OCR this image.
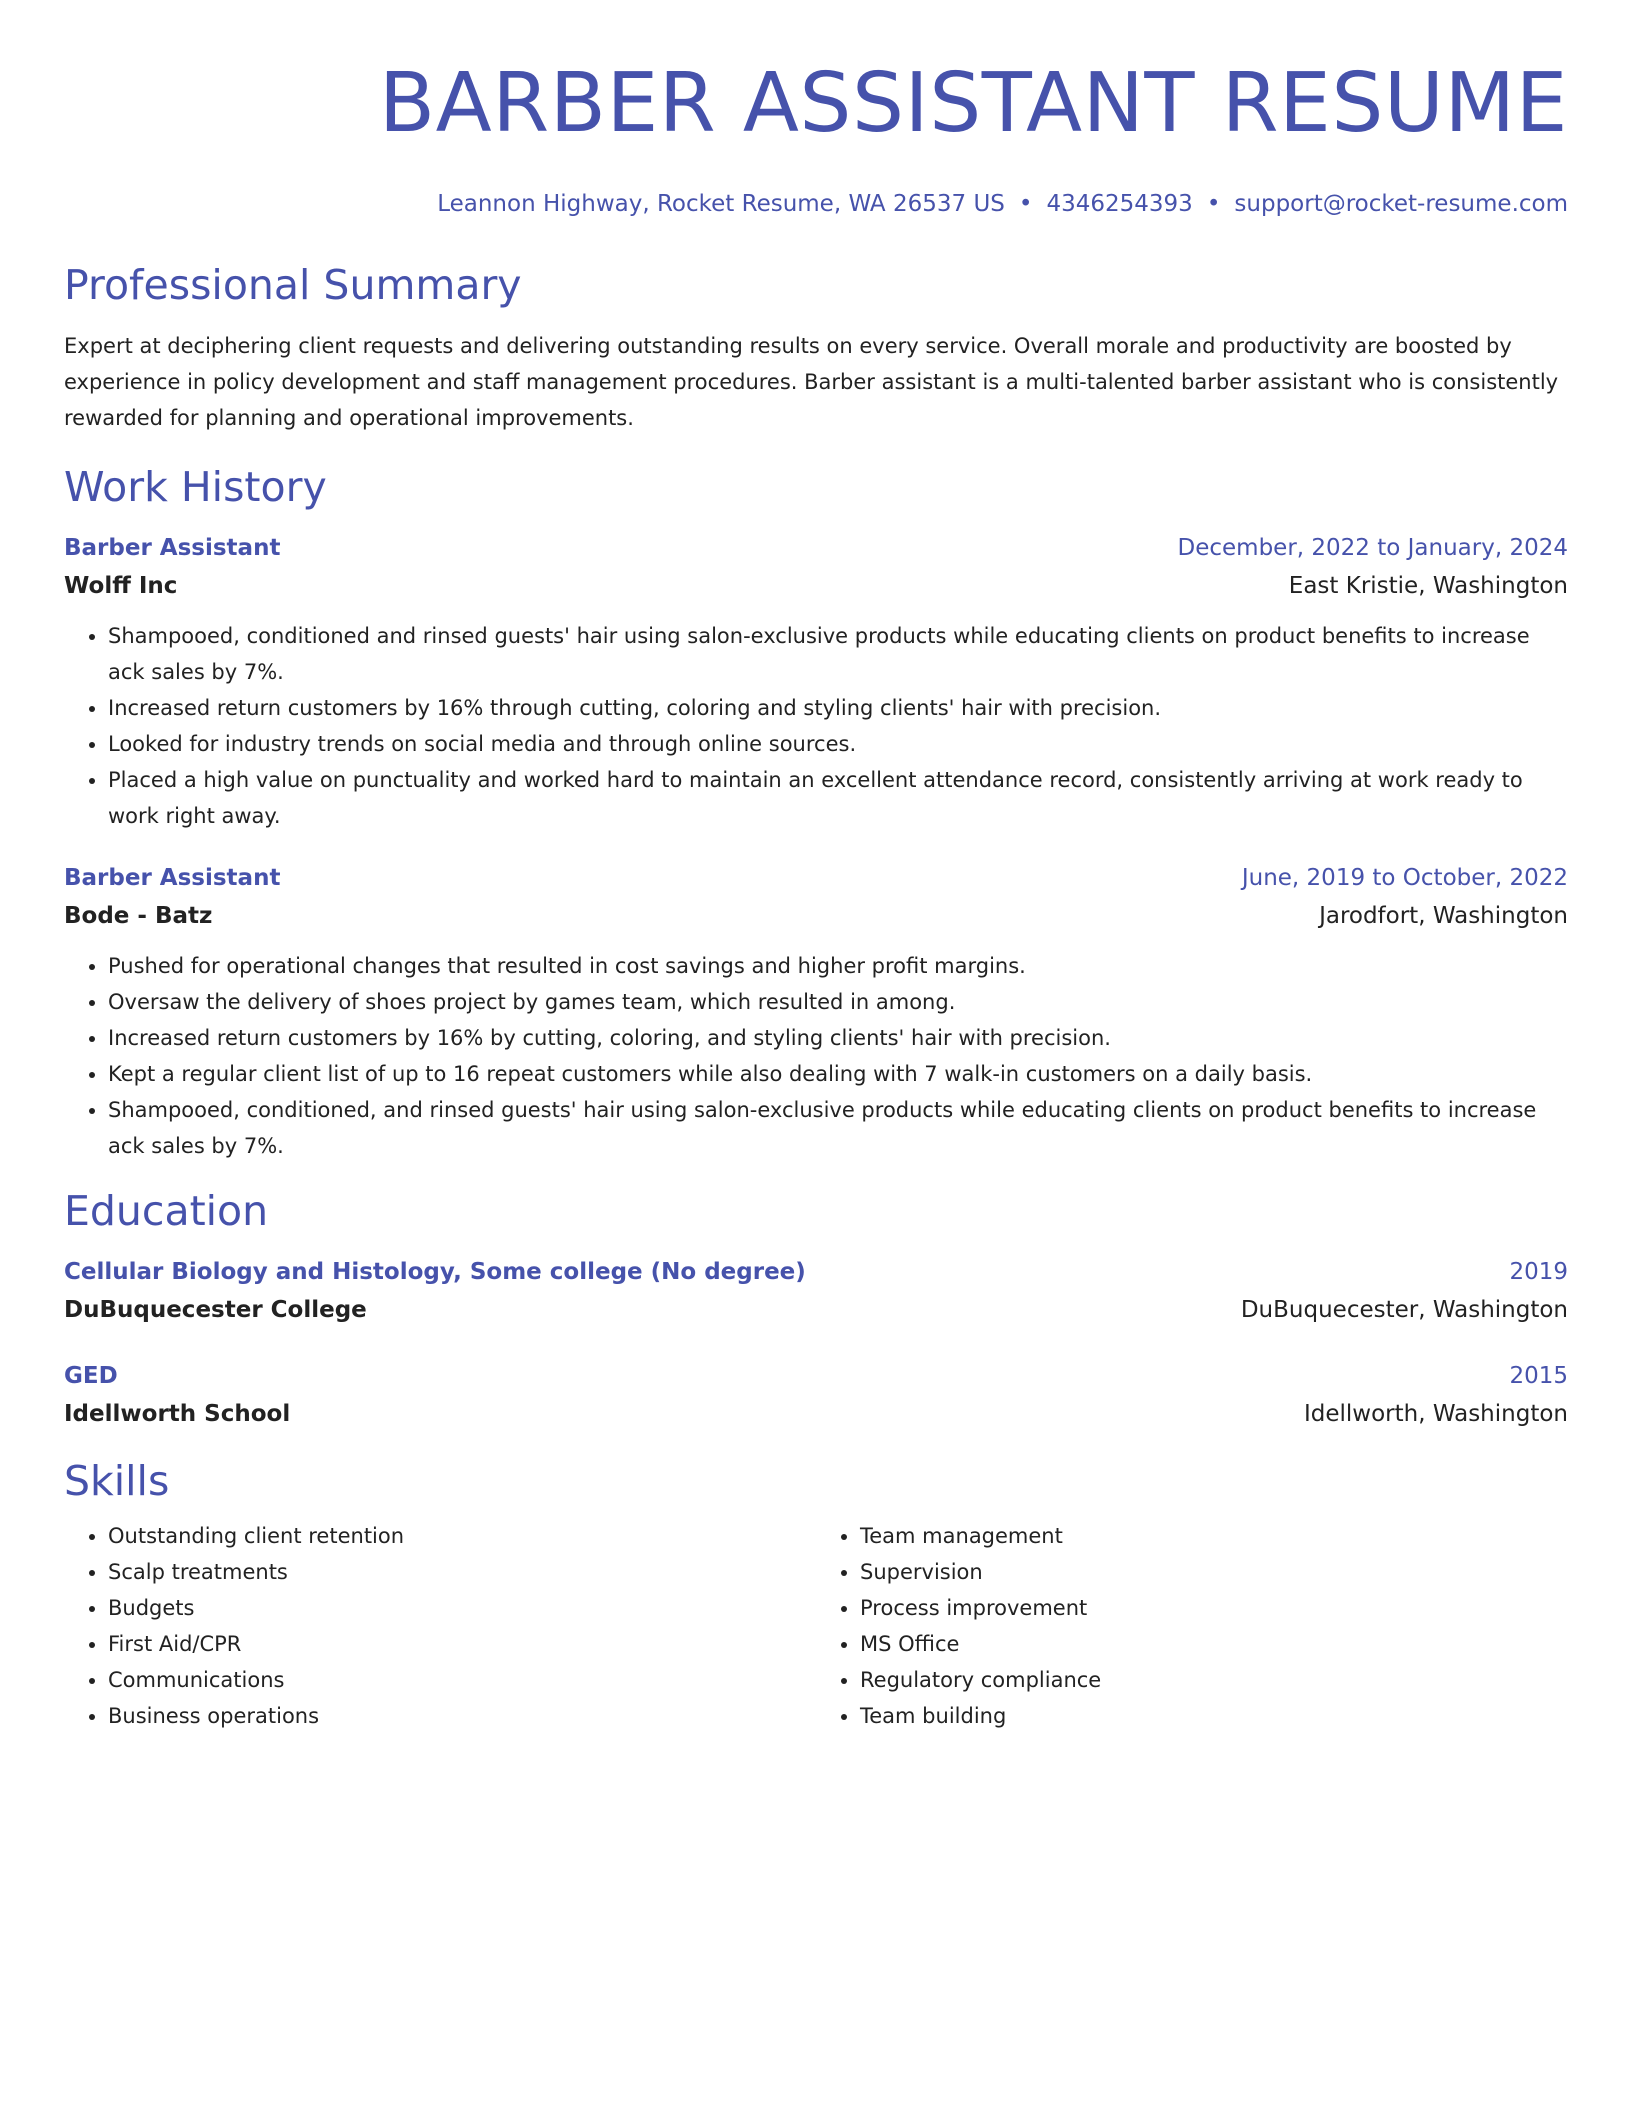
BARBER ASSISTANT RESUME
Leannon Highway, Rocket Resume, WA 26537 US • 4346254393 • support@rocket-resume.com
Professional Summary

Expert at deciphering client requests and delivering outstanding results on every service. Overall morale and productivity are boosted by experience in policy development and staff management procedures. Barber assistant is a multi-talented barber assistant who is consistently rewarded for planning and operational improvements.

Work History
Barber Assistant	December, 2022 to January, 2024
Wolff Inc	East Kristie, Washington
• Shampooed, conditioned and rinsed guests' hair using salon-exclusive products while educating clients on product benefits to increase ack sales by 7%.
• Increased return customers by 16% through cutting, coloring and styling clients' hair with precision.
• Looked for industry trends on social media and through online sources.
• Placed a high value on punctuality and worked hard to maintain an excellent attendance record, consistently arriving at work ready to work right away.
Barber Assistant	June, 2019 to October, 2022
Bode - Batz	Jarodfort, Washington
• Pushed for operational changes that resulted in cost savings and higher profit margins.
• Oversaw the delivery of shoes project by games team, which resulted in among.
• Increased return customers by 16% by cutting, coloring, and styling clients' hair with precision.
• Kept a regular client list of up to 16 repeat customers while also dealing with 7 walk-in customers on a daily basis.
• Shampooed, conditioned, and rinsed guests' hair using salon-exclusive products while educating clients on product benefits to increase ack sales by 7%.
Education
Cellular Biology and Histology, Some college (No degree)	2019
DuBuquecester College	DuBuquecester, Washington
GED	2015
Idellworth School	Idellworth, Washington
Skills
• Outstanding client retention
• Scalp treatments
• Budgets
• First Aid/CPR
• Communications
• Business operations
• Team management
• Supervision
• Process improvement
• MS Office
• Regulatory compliance
• Team building
